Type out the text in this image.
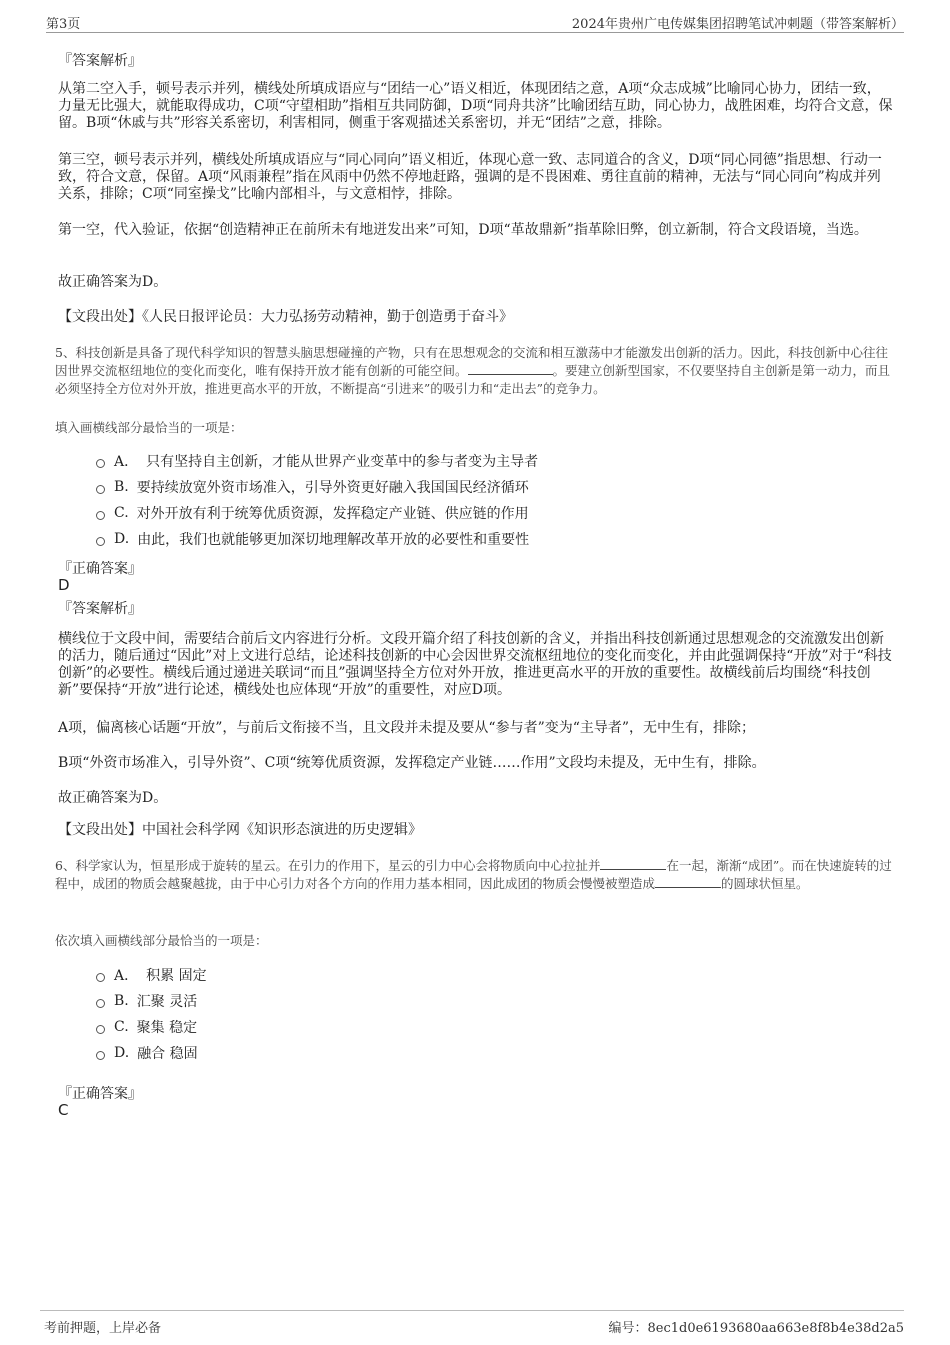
第3页	2024年贵州广电传媒集团招聘笔试冲刺题（带答案解析）
『答案解析』

从第二空入手，顿号表示并列，横线处所填成语应与“团结一心”语义相近，体现团结之意，A项“众志成城”比喻同心协力，团结一致，力量无比强大，就能取得成功，C项“守望相助”指相互共同防御，D项“同舟共济”比喻团结互助，同心协力，战胜困难，均符合文意，保留。B项“休戚与共”形容关系密切，利害相同，侧重于客观描述关系密切，并无“团结”之意，排除。

第三空，顿号表示并列，横线处所填成语应与“同心同向”语义相近，体现心意一致、志同道合的含义，D项“同心同德”指思想、行动一致，符合文意，保留。A项“风雨兼程”指在风雨中仍然不停地赶路，强调的是不畏困难、勇往直前的精神，无法与“同心同向”构成并列关系，排除；C项“同室操戈”比喻内部相斗，与文意相悖，排除。

第一空，代入验证，依据“创造精神正在前所未有地迸发出来”可知，D项“革故鼎新”指革除旧弊，创立新制，符合文段语境，当选。

故正确答案为D。

【文段出处】《人民日报评论员：大力弘扬劳动精神，勤于创造勇于奋斗》

5、科技创新是具备了现代科学知识的智慧头脑思想碰撞的产物，只有在思想观念的交流和相互激荡中才能激发出创新的活力。因此，科技创新中心往往因世界交流枢纽地位的变化而变化，唯有保持开放才能有创新的可能空间。	。要建立创新型国家，不仅要坚持自主创新是第一动力，而且必须坚持全方位对外开放，推进更高水平的开放，不断提高“引进来”的吸引力和“走出去”的竞争力。

填入画横线部分最恰当的一项是：
A． 只有坚持自主创新，才能从世界产业变革中的参与者变为主导者
B. 要持续放宽外资市场准入，引导外资更好融入我国国民经济循环
C. 对外开放有利于统筹优质资源，发挥稳定产业链、供应链的作用
D. 由此，我们也就能够更加深切地理解改革开放的必要性和重要性
『正确答案』
D
『答案解析』

横线位于文段中间，需要结合前后文内容进行分析。文段开篇介绍了科技创新的含义，并指出科技创新通过思想观念的交流激发出创新的活力，随后通过“因此”对上文进行总结，论述科技创新的中心会因世界交流枢纽地位的变化而变化，并由此强调保持“开放”对于“科技创新”的必要性。横线后通过递进关联词“而且”强调坚持全方位对外开放，推进更高水平的开放的重要性。故横线前后均围绕“科技创新”要保持“开放”进行论述，横线处也应体现“开放”的重要性，对应D项。

A项，偏离核心话题“开放”，与前后文衔接不当，且文段并未提及要从“参与者”变为“主导者”，无中生有，排除；

B项“外资市场准入，引导外资”、C项“统筹优质资源，发挥稳定产业链……作用”文段均未提及，无中生有，排除。

故正确答案为D。

【文段出处】中国社会科学网《知识形态演进的历史逻辑》

6、科学家认为，恒星形成于旋转的星云。在引力的作用下，星云的引力中心会将物质向中心拉扯并	在一起，渐渐“成团”。而在快速旋转的过程中，成团的物质会越聚越拢，由于中心引力对各个方向的作用力基本相同，因此成团的物质会慢慢被塑造成	的圆球状恒星。

依次填入画横线部分最恰当的一项是：
A． 积累 固定
B. 汇聚 灵活
C. 聚集 稳定
D. 融合 稳固
『正确答案』
C
考前押题，上岸必备	编号：8ec1d0e6193680aa663e8f8b4e38d2a5
